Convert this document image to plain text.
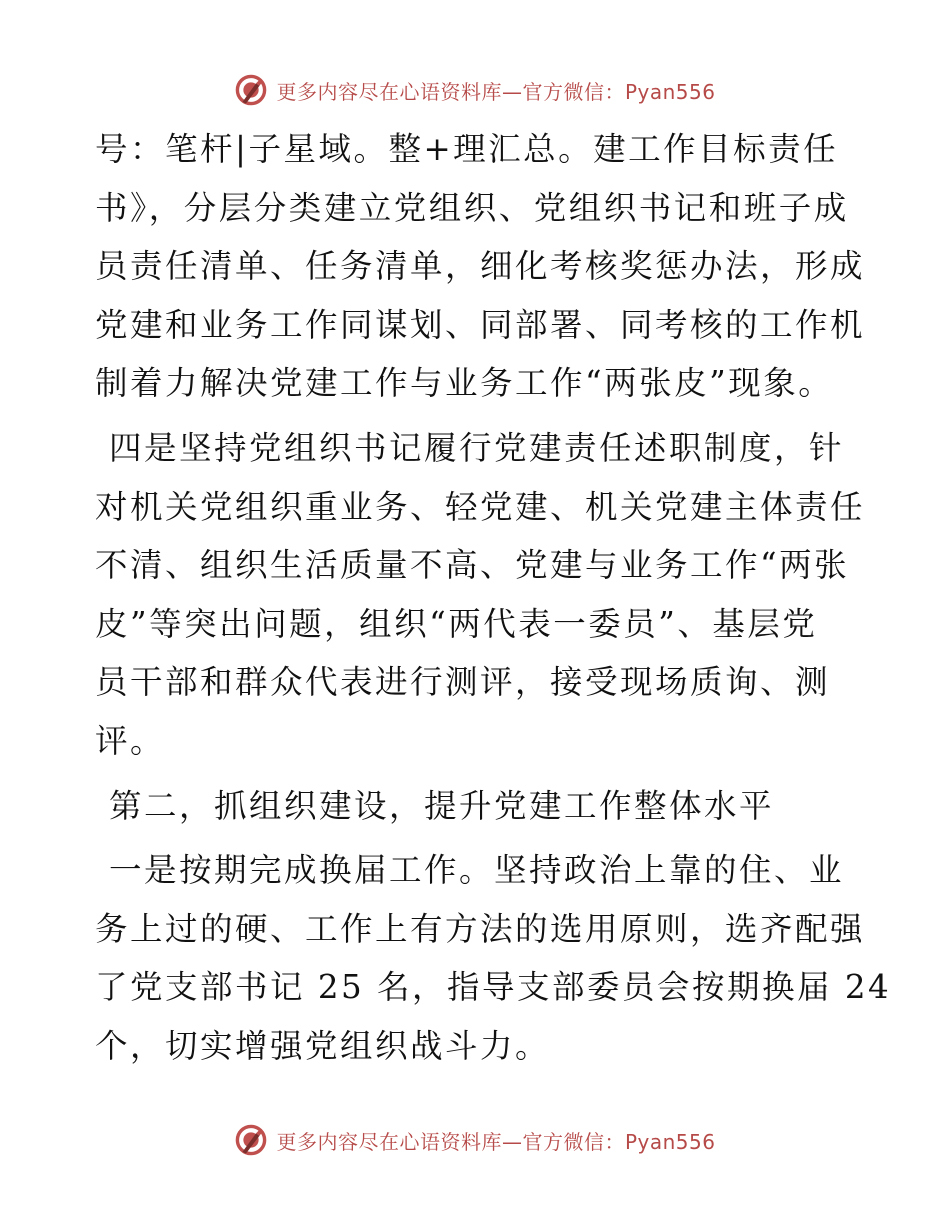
更多内容尽在心语资料库—官方微信：Pyan556

号：笔杆|子星域。整+理汇总。建工作目标责任
书》，分层分类建立党组织、党组织书记和班子成
员责任清单、任务清单，细化考核奖惩办法，形成
党建和业务工作同谋划、同部署、同考核的工作机
制着力解决党建工作与业务工作“两张皮”现象。

四是坚持党组织书记履行党建责任述职制度，针
对机关党组织重业务、轻党建、机关党建主体责任
不清、组织生活质量不高、党建与业务工作“两张
皮”等突出问题，组织“两代表一委员”、基层党
员干部和群众代表进行测评，接受现场质询、测
评。

第二，抓组织建设，提升党建工作整体水平

一是按期完成换届工作。坚持政治上靠的住、业
务上过的硬、工作上有方法的选用原则，选齐配强
了党支部书记 25 名，指导支部委员会按期换届 24
个，切实增强党组织战斗力。

更多内容尽在心语资料库—官方微信：Pyan556
